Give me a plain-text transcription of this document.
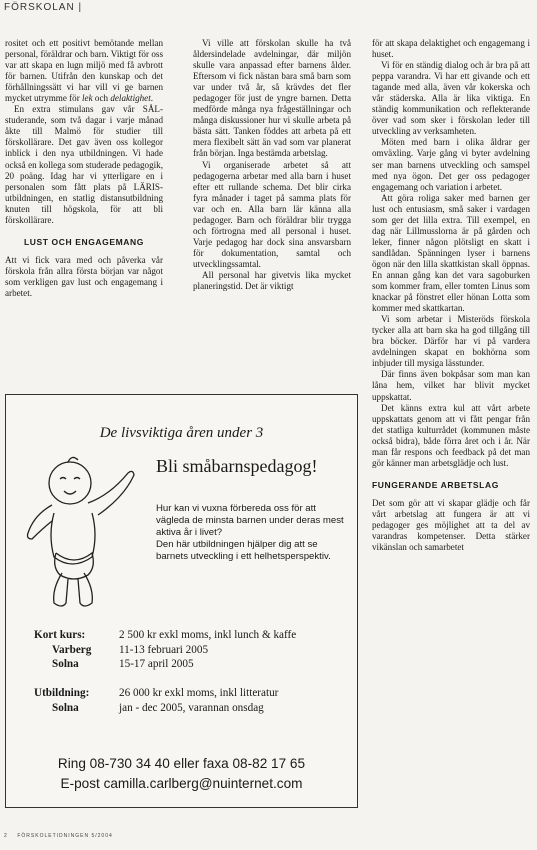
FÖRSKOLAN |

rositet och ett positivt bemötande mellan personal, föräldrar och barn. Viktigt för oss var att skapa en lugn miljö med få avbrott för barnen. Utifrån den kunskap och det förhållningssätt vi har vill vi ge barnen mycket utrymme för lek och delaktighet.

En extra stimulans gav vår SÅL-studerande, som två dagar i varje månad åkte till Malmö för studier till förskollärare. Det gav även oss kollegor inblick i den nya utbildningen. Vi hade också en kollega som studerade pedagogik, 20 poäng. Idag har vi ytterligare en i personalen som fått plats på LÄRIS-utbildningen, en statlig distansutbildning knuten till högskola, för att bli förskollärare.

LUST OCH ENGAGEMANG

Att vi fick vara med och påverka vår förskola från allra första början var något som verkligen gav lust och engagemang i arbetet.

Vi ville att förskolan skulle ha två åldersindelade avdelningar, där miljön skulle vara anpassad efter barnens ålder. Eftersom vi fick nästan bara små barn som var under två år, så krävdes det fler pedagoger för just de yngre barnen. Detta medförde många nya frågeställningar och många diskussioner hur vi skulle arbeta på bästa sätt. Tanken föddes att arbeta på ett mera flexibelt sätt än vad som var planerat från början. Inga bestämda arbetslag.

Vi organiserade arbetet så att pedagogerna arbetar med alla barn i huset efter ett rullande schema. Det blir cirka fyra månader i taget på samma plats för var och en. Alla barn lär känna alla pedagoger. Barn och föräldrar blir trygga och förtrogna med all personal i huset. Varje pedagog har dock sina ansvarsbarn för dokumentation, samtal och utvecklingssamtal.

All personal har givetvis lika mycket planeringstid. Det är viktigt

för att skapa delaktighet och engagemang i huset.

Vi för en ständig dialog och är bra på att peppa varandra. Vi har ett givande och ett tagande med alla, även vår kokerska och vår städerska. Alla är lika viktiga. En ständig kommunikation och reflekterande över vad som sker i förskolan leder till utveckling av verksamheten.

Möten med barn i olika åldrar ger omväxling. Varje gång vi byter avdelning ser man barnens utveckling och samspel med nya ögon. Det ger oss pedagoger engagemang och variation i arbetet.

Att göra roliga saker med barnen ger lust och entusiasm, små saker i vardagen som ger det lilla extra. Till exempel, en dag när Lillmusslorna är på gården och leker, finner någon plötsligt en skatt i sandlådan. Spänningen lyser i barnens ögon när den lilla skattkistan skall öppnas. En annan gång kan det vara sagoburken som kommer fram, eller tomten Linus som knackar på fönstret eller hönan Lotta som kommer med skattkartan.

Vi som arbetar i Misteröds förskola tycker alla att barn ska ha god tillgång till bra böcker. Därför har vi på vardera avdelningen skapat en bokhörna som inbjuder till mysiga lässtunder.

Där finns även bokpåsar som man kan låna hem, vilket har blivit mycket uppskattat.

Det känns extra kul att vårt arbete uppskattats genom att vi fått pengar från det statliga kulturrådet (kommunen måste också bidra), både förra året och i år. När man får respons och feedback på det man gör känner man arbetsglädje och lust.

FUNGERANDE ARBETSLAG

Det som gör att vi skapar glädje och får vårt arbetslag att fungera är att vi pedagoger ges möjlighet att ta del av varandras kompetenser. Detta stärker vikänslan och samarbetet

De livsviktiga åren under 3
Bli småbarnspedagog!

Hur kan vi vuxna förbereda oss för att vägleda de minsta barnen under deras mest aktiva år i livet?

Den här utbildningen hjälper dig att se barnets utveckling i ett helhetsperspektiv.

Kort kurs:	2 500 kr exkl moms, inkl lunch & kaffe
Varberg	11-13 februari 2005
Solna	15-17 april 2005
Utbildning:	26 000 kr exkl moms, inkl litteratur
Solna	jan - dec 2005, varannan onsdag
Ring 08-730 34 40 eller faxa 08-82 17 65
E-post camilla.carlberg@nuinternet.com
2 FÖRSKOLETIDNINGEN 5/2004
